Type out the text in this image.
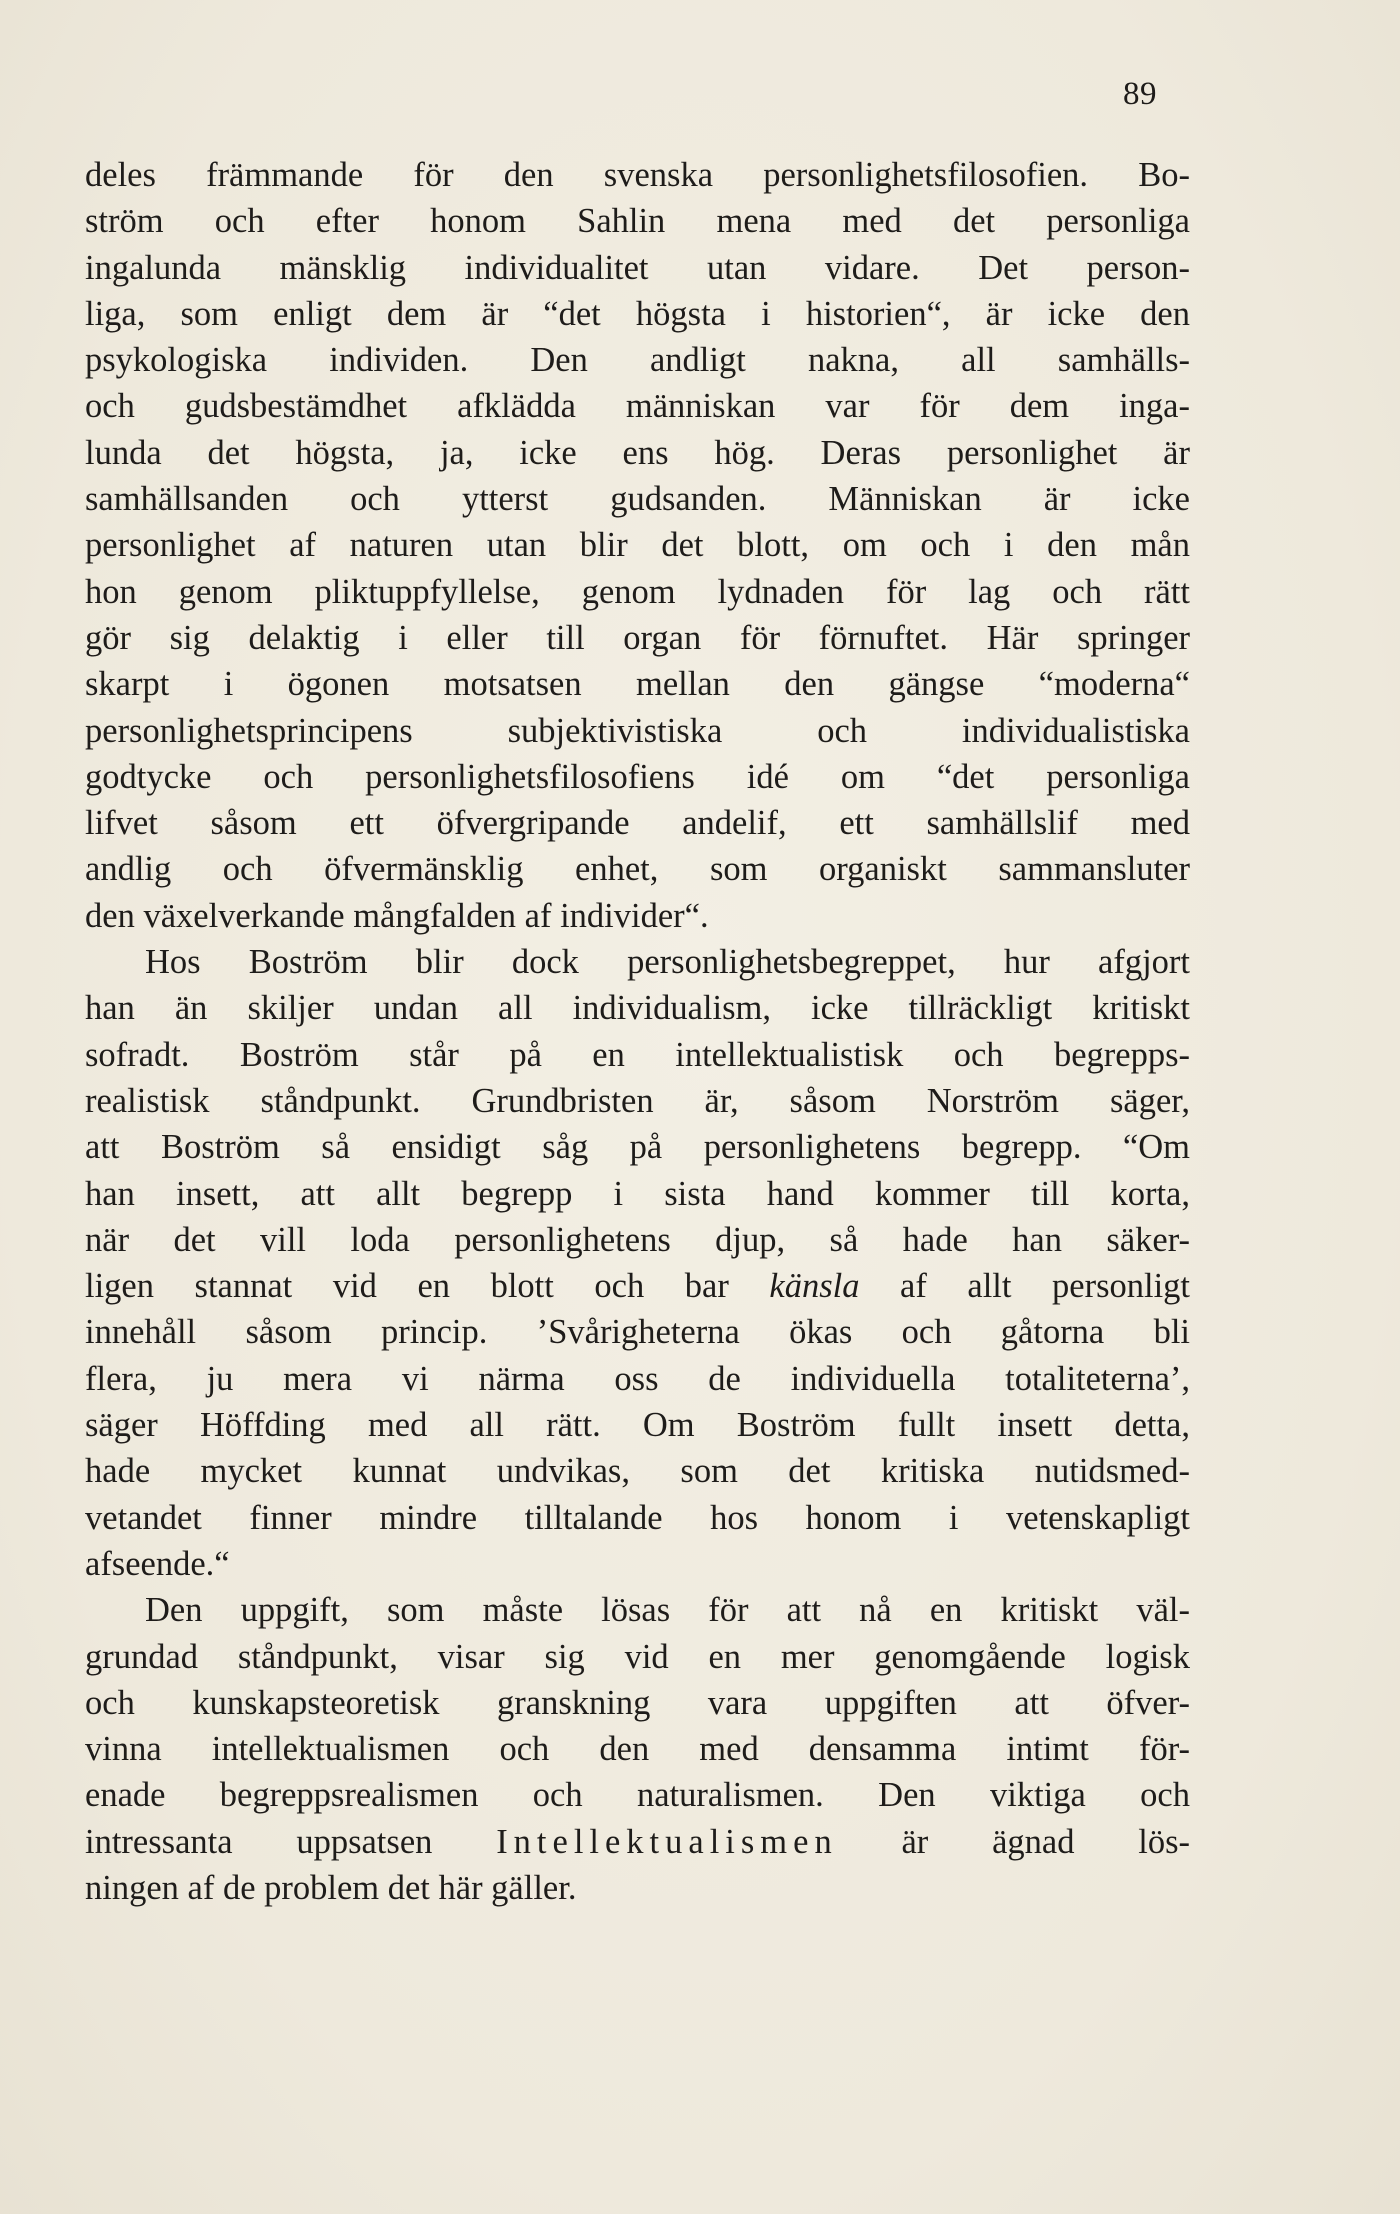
89
deles främmande för den svenska personlighetsfilosofien. Bo-
ström och efter honom Sahlin mena med det personliga
ingalunda mänsklig individualitet utan vidare. Det person-
liga, som enligt dem är “det högsta i historien“, är icke den
psykologiska individen. Den andligt nakna, all samhälls-
och gudsbestämdhet afklädda människan var för dem inga-
lunda det högsta, ja, icke ens hög. Deras personlighet är
samhällsanden och ytterst gudsanden. Människan är icke
personlighet af naturen utan blir det blott, om och i den mån
hon genom pliktuppfyllelse, genom lydnaden för lag och rätt
gör sig delaktig i eller till organ för förnuftet. Här springer
skarpt i ögonen motsatsen mellan den gängse “moderna“
personlighetsprincipens subjektivistiska och individualistiska
godtycke och personlighetsfilosofiens idé om “det personliga
lifvet såsom ett öfvergripande andelif, ett samhällslif med
andlig och öfvermänsklig enhet, som organiskt sammansluter
den växelverkande mångfalden af individer“.
Hos Boström blir dock personlighetsbegreppet, hur afgjort
han än skiljer undan all individualism, icke tillräckligt kritiskt
sofradt. Boström står på en intellektualistisk och begrepps-
realistisk ståndpunkt. Grundbristen är, såsom Norström säger,
att Boström så ensidigt såg på personlighetens begrepp. “Om
han insett, att allt begrepp i sista hand kommer till korta,
när det vill loda personlighetens djup, så hade han säker-
ligen stannat vid en blott och bar känsla af allt personligt
innehåll såsom princip. ’Svårigheterna ökas och gåtorna bli
flera, ju mera vi närma oss de individuella totaliteterna’,
säger Höffding med all rätt. Om Boström fullt insett detta,
hade mycket kunnat undvikas, som det kritiska nutidsmed-
vetandet finner mindre tilltalande hos honom i vetenskapligt
afseende.“
Den uppgift, som måste lösas för att nå en kritiskt väl-
grundad ståndpunkt, visar sig vid en mer genomgående logisk
och kunskapsteoretisk granskning vara uppgiften att öfver-
vinna intellektualismen och den med densamma intimt för-
enade begreppsrealismen och naturalismen. Den viktiga och
intressanta uppsatsen Intellektualismen är ägnad lös-
ningen af de problem det här gäller.
